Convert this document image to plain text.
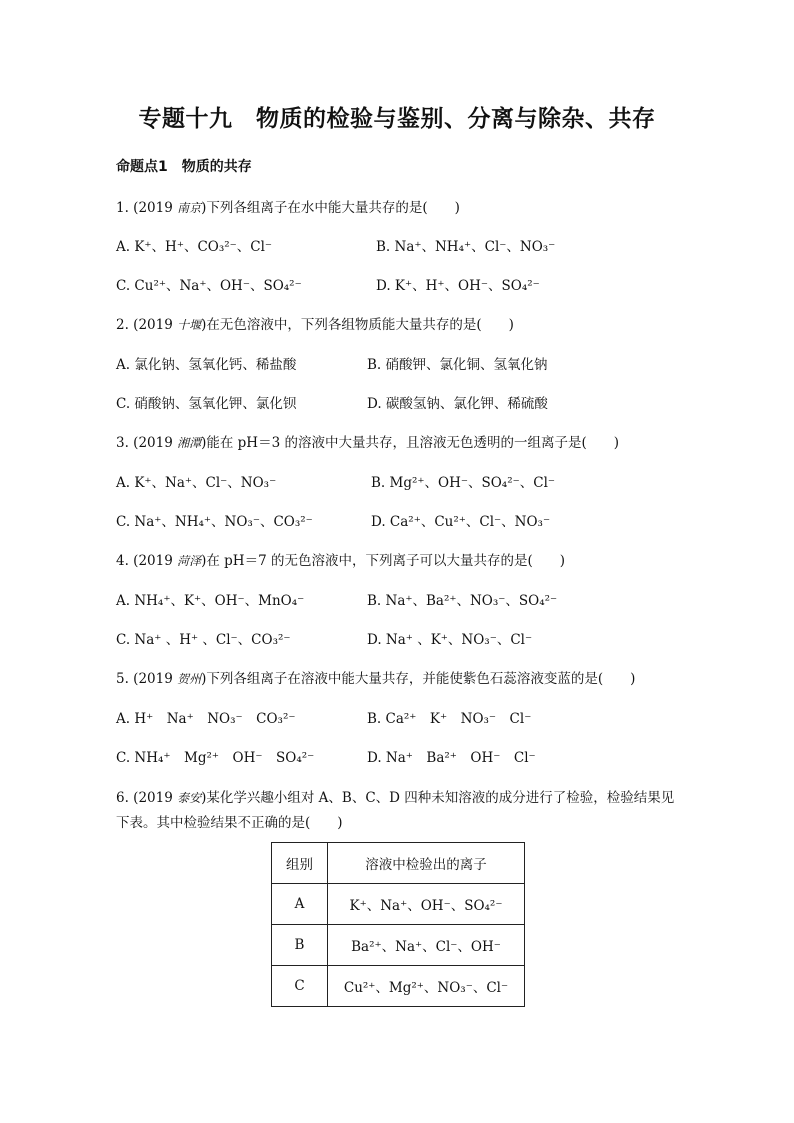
专题十九　物质的检验与鉴别、分离与除杂、共存
命题点1　物质的共存
1. (2019 南京)下列各组离子在水中能大量共存的是(　　)
A. K⁺、H⁺、CO₃²⁻、Cl⁻	B. Na⁺、NH₄⁺、Cl⁻、NO₃⁻
C. Cu²⁺、Na⁺、OH⁻、SO₄²⁻	D. K⁺、H⁺、OH⁻、SO₄²⁻
2. (2019 十堰)在无色溶液中，下列各组物质能大量共存的是(　　)
A. 氯化钠、氢氧化钙、稀盐酸	B. 硝酸钾、氯化铜、氢氧化钠
C. 硝酸钠、氢氧化钾、氯化钡	D. 碳酸氢钠、氯化钾、稀硫酸
3. (2019 湘潭)能在 pH＝3 的溶液中大量共存，且溶液无色透明的一组离子是(　　)
A. K⁺、Na⁺、Cl⁻、NO₃⁻	B. Mg²⁺、OH⁻、SO₄²⁻、Cl⁻
C. Na⁺、NH₄⁺、NO₃⁻、CO₃²⁻	D. Ca²⁺、Cu²⁺、Cl⁻、NO₃⁻
4. (2019 菏泽)在 pH＝7 的无色溶液中，下列离子可以大量共存的是(　　)
A. NH₄⁺、K⁺、OH⁻、MnO₄⁻	B. Na⁺、Ba²⁺、NO₃⁻、SO₄²⁻
C. Na⁺ 、H⁺ 、Cl⁻、CO₃²⁻	D. Na⁺ 、K⁺、NO₃⁻、Cl⁻
5. (2019 贺州)下列各组离子在溶液中能大量共存，并能使紫色石蕊溶液变蓝的是(　　)
A. H⁺　Na⁺　NO₃⁻　CO₃²⁻	B. Ca²⁺　K⁺　NO₃⁻　Cl⁻
C. NH₄⁺　Mg²⁺　OH⁻　SO₄²⁻	D. Na⁺　Ba²⁺　OH⁻　Cl⁻
6. (2019 泰安)某化学兴趣小组对 A、B、C、D 四种未知溶液的成分进行了检验，检验结果见
下表。其中检验结果不正确的是(　　)
组别	溶液中检验出的离子
A	K⁺、Na⁺、OH⁻、SO₄²⁻
B	Ba²⁺、Na⁺、Cl⁻、OH⁻
C	Cu²⁺、Mg²⁺、NO₃⁻、Cl⁻
